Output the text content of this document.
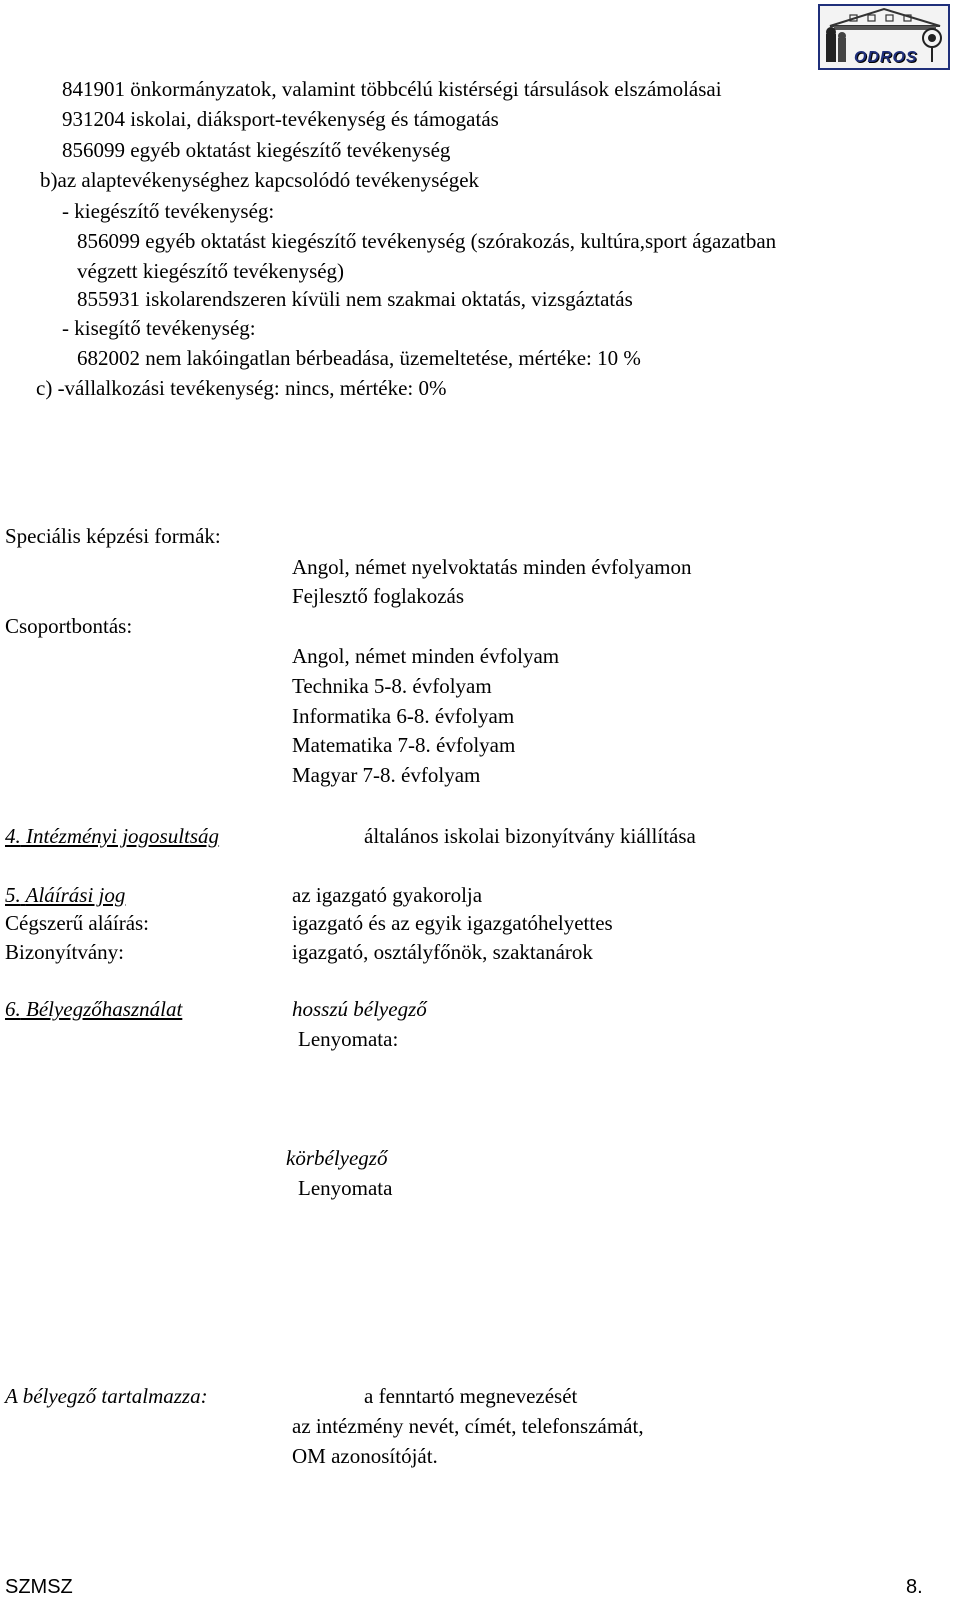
ODROS
841901 önkormányzatok, valamint többcélú kistérségi társulások elszámolásai
931204 iskolai, diáksport-tevékenység és támogatás
856099 egyéb oktatást kiegészítő tevékenység
b)az alaptevékenységhez kapcsolódó tevékenységek
- kiegészítő tevékenység:
856099 egyéb oktatást kiegészítő tevékenység (szórakozás, kultúra,sport ágazatban
végzett kiegészítő tevékenység)
855931 iskolarendszeren kívüli nem szakmai oktatás, vizsgáztatás
- kisegítő tevékenység:
682002 nem lakóingatlan bérbeadása, üzemeltetése, mértéke: 10 %
c) -vállalkozási tevékenység: nincs, mértéke: 0%
Speciális képzési formák:
Angol, német nyelvoktatás minden évfolyamon
Fejlesztő foglakozás
Csoportbontás:
Angol, német minden évfolyam
Technika 5-8. évfolyam
Informatika 6-8. évfolyam
Matematika 7-8. évfolyam
Magyar 7-8. évfolyam
4. Intézményi jogosultság	általános iskolai bizonyítvány kiállítása
5. Aláírási jog	az igazgató gyakorolja
Cégszerű aláírás:	igazgató és az egyik igazgatóhelyettes
Bizonyítvány:	igazgató, osztályfőnök, szaktanárok
6. Bélyegzőhasználat	hosszú bélyegző
Lenyomata:
körbélyegző
Lenyomata
A bélyegző tartalmazza:	a fenntartó megnevezését
az intézmény nevét, címét, telefonszámát,
OM azonosítóját.
SZMSZ	8.
